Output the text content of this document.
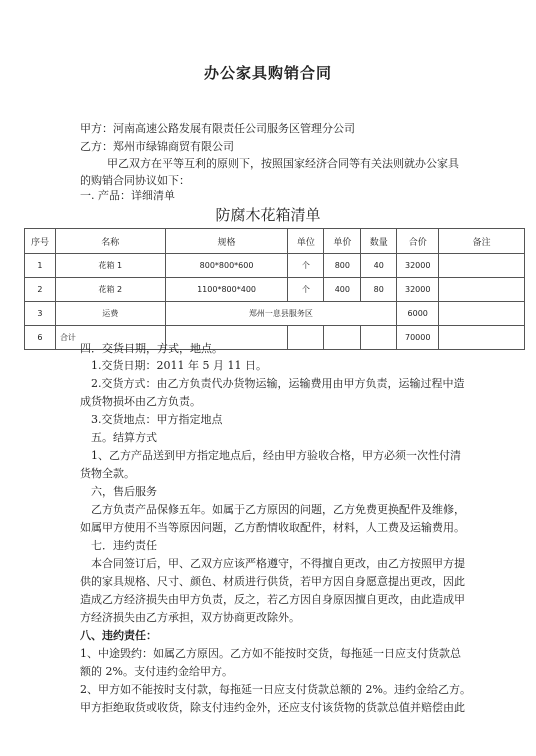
办公家具购销合同
甲方：河南高速公路发展有限责任公司服务区管理分公司
乙方：郑州市绿锦商贸有限公司
甲乙双方在平等互利的原则下，按照国家经济合同等有关法则就办公家具
的购销合同协议如下：
一. 产品：详细清单
防腐木花箱清单
序号	名称	规格	单位	单价	数量	合价	备注
1	花箱 1	800*800*600	个	800	40	32000	
2	花箱 2	1100*800*400	个	400	80	32000	
3	运费	郑州一息县服务区				6000	
6	合计					70000	
四．交货日期，方式，地点。
1.交货日期：2011 年 5 月 11 日。
2.交货方式：由乙方负责代办货物运输，运输费用由甲方负责，运输过程中造
成货物损坏由乙方负责。
3.交货地点：甲方指定地点
五。结算方式
1、乙方产品送到甲方指定地点后，经由甲方验收合格，甲方必须一次性付清
货物全款。
六，售后服务
乙方负责产品保修五年。如属于乙方原因的问题，乙方免费更换配件及维修，
如属甲方使用不当等原因问题，乙方酌情收取配件，材料，人工费及运输费用。
七．违约责任
本合同签订后，甲、乙双方应该严格遵守，不得擅自更改，由乙方按照甲方提
供的家具规格、尺寸、颜色、材质进行供货，若甲方因自身愿意提出更改，因此
造成乙方经济损失由甲方负责，反之，若乙方因自身原因擅自更改，由此造成甲
方经济损失由乙方承担，双方协商更改除外。
八、违约责任：
1、中途毁约：如属乙方原因。乙方如不能按时交货，每拖延一日应支付货款总
额的 2%。支付违约金给甲方。
2、甲方如不能按时支付款，每拖延一日应支付货款总额的 2%。违约金给乙方。
甲方拒绝取货或收货，除支付违约金外，还应支付该货物的货款总值并赔偿由此
